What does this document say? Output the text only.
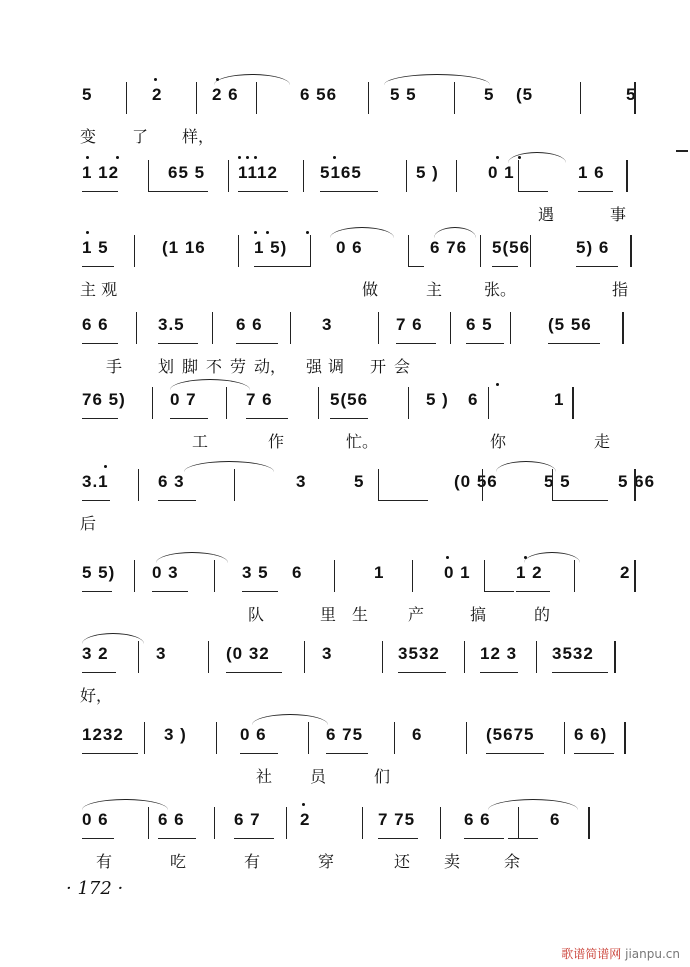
5	2	2 6	6 56	5 5	5 (5	5
变 了 样，
1 12	65 5 1112 5165	5 )	0 1	1 6
遇	事
1 5	(1 16	1 5)	0 6	6 76 5(56	5) 6
主 观	做	主	张。	指
6 6	3.5	6 6	3	7 6	6 5	(5 56
手 划 脚 不 劳 动， 强 调 开 会
76 5)	0 7	7 6	5(56	5 ) 6	1
工	作	忙。	你	走
3.1	6 3	3	5	(0 56	5 5	5 66
后
5 5) 0 3	3 5 6	1	0 1	1 2	2
队	里 生 产	搞	的
3 2	3	(0 32	3	3532 12 3 3532
好，
1232 3 )	0 6	6 75	6	(5675 6 6)
社 员	们
0 6	6 6	6 7 2	7 75	6 6	6
有	吃	有	穿	还 卖	余
· 172 ·
歌谱简谱网 jianpu.cn
